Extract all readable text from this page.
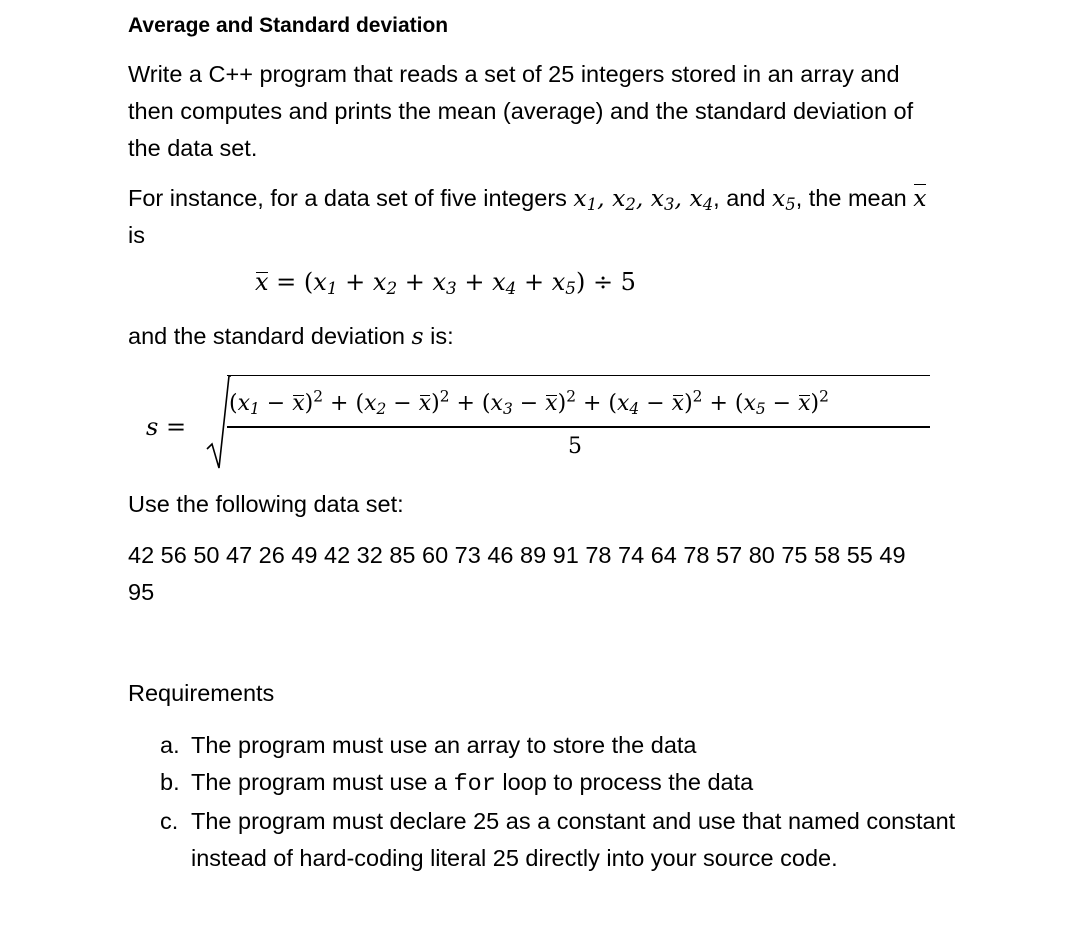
Average and Standard deviation
Write a C++ program that reads a set of 25 integers stored in an array and then computes and prints the mean (average) and the standard deviation of the data set.
For instance, for a data set of five integers $x_1$, $x_2$, $x_3$, $x_4$, and $x_5$, the mean x is
$x = (x_1 + x_2 + x_3 + x_4 + x_5) \div 5$
and the standard deviation s is:
s =
$(x_1 - x)^2 + (x_2 - x)^2 + (x_3 - x)^2 + (x_4 - x)^2 + (x_5 - x)^2$
5
Use the following data set:
42 56 50 47 26 49 42 32 85 60 73 46 89 91 78 74 64 78 57 80 75 58 55 49 95
Requirements
a. The program must use an array to store the data
b. The program must use a for loop to process the data
c. The program must declare 25 as a constant and use that named constant instead of hard-coding literal 25 directly into your source code.
